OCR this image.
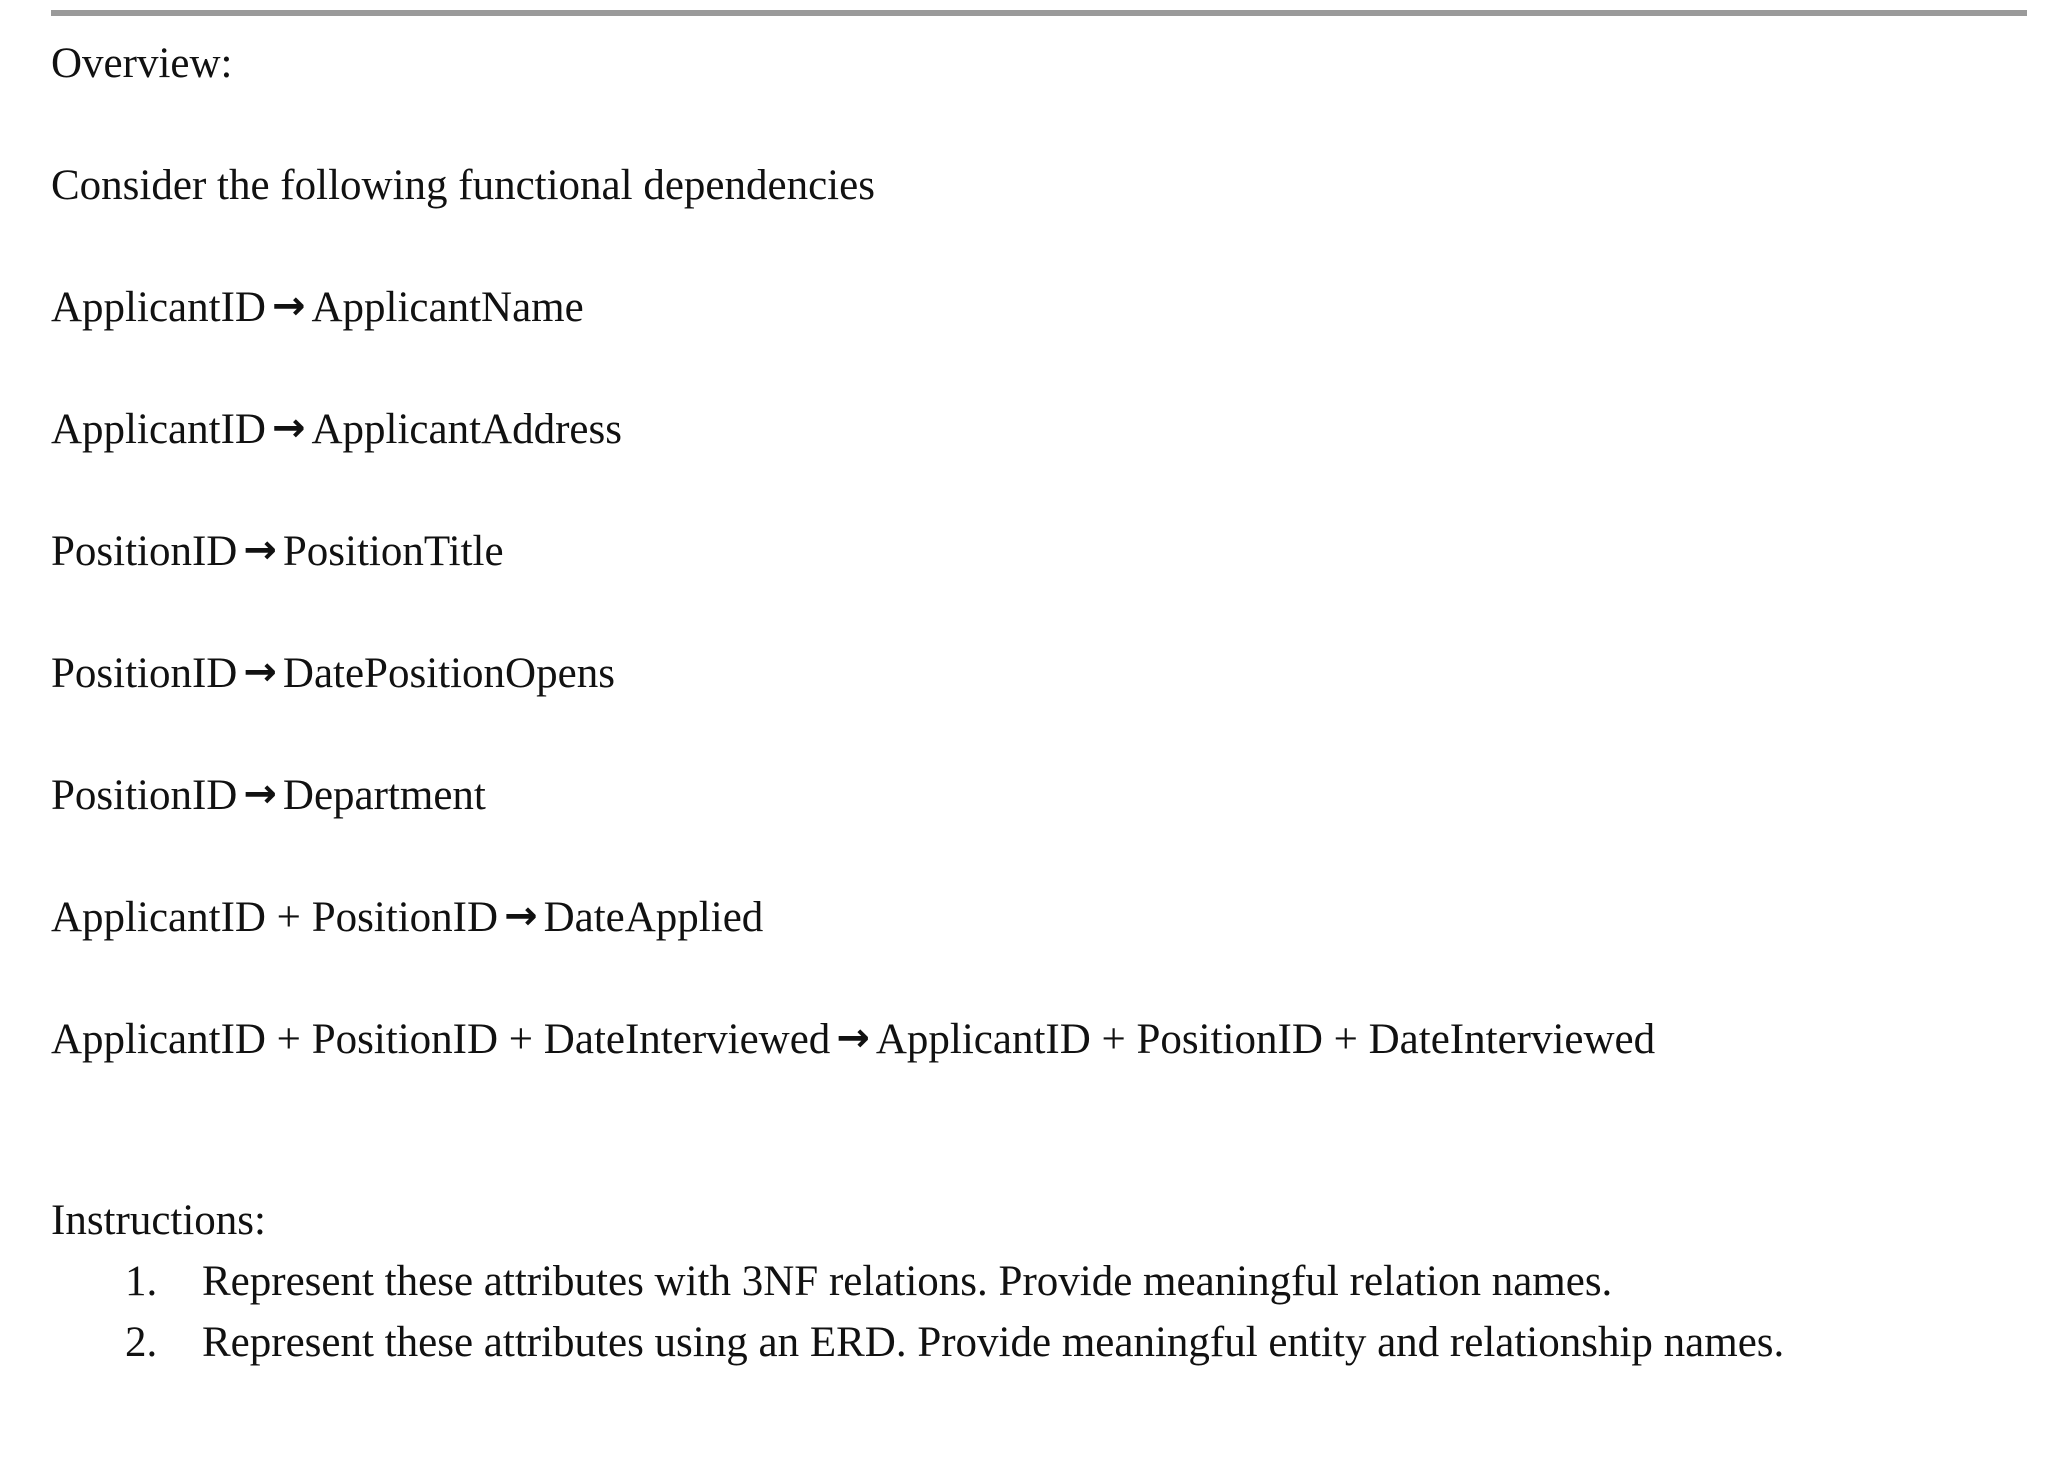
Overview:
Consider the following functional dependencies
ApplicantID → ApplicantName
ApplicantID → ApplicantAddress
PositionID → PositionTitle
PositionID → DatePositionOpens
PositionID → Department
ApplicantID + PositionID → DateApplied
ApplicantID + PositionID + DateInterviewed → ApplicantID + PositionID + DateInterviewed
Instructions:
1. Represent these attributes with 3NF relations. Provide meaningful relation names.
2. Represent these attributes using an ERD. Provide meaningful entity and relationship names.
